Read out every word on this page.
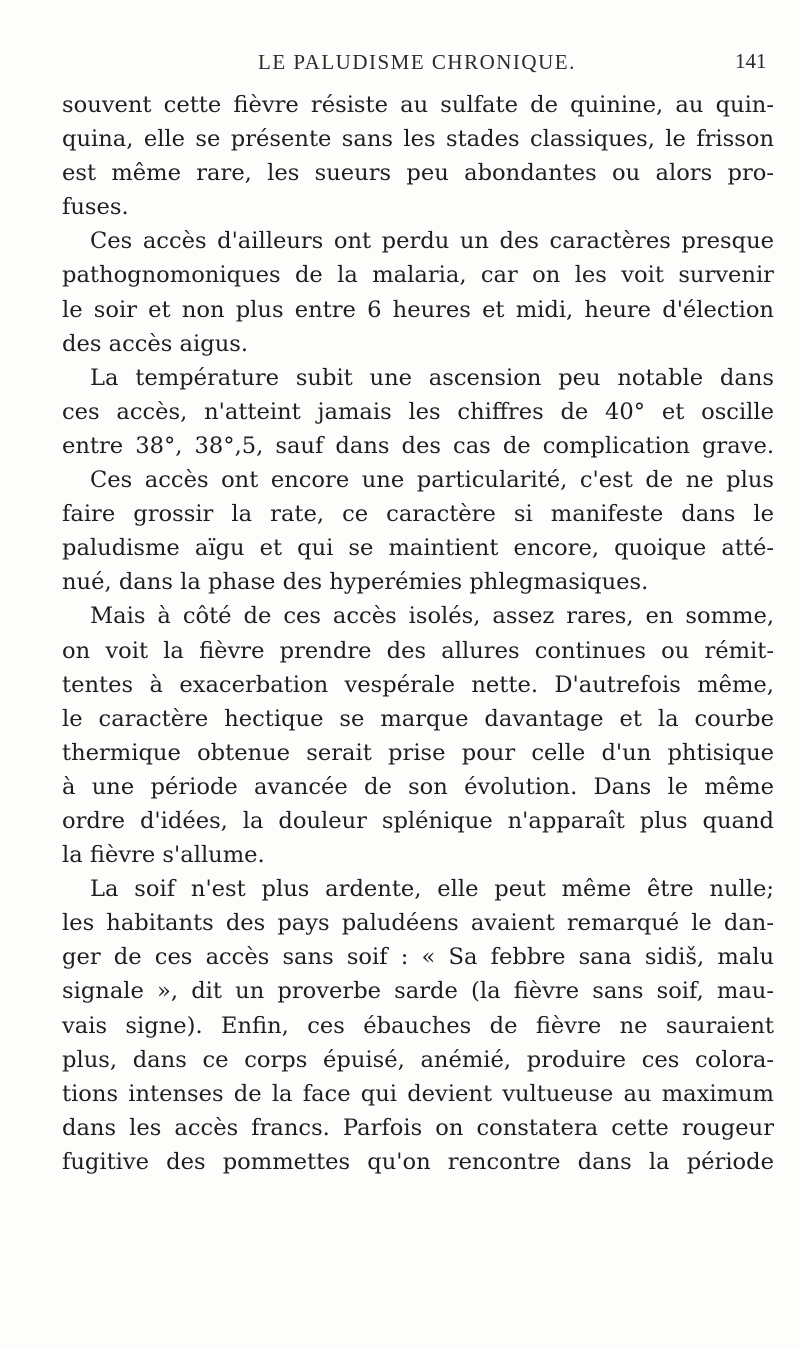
LE PALUDISME CHRONIQUE.	141
souvent cette fièvre résiste au sulfate de quinine, au quin-
quina, elle se présente sans les stades classiques, le frisson
est même rare, les sueurs peu abondantes ou alors pro-
fuses.
Ces accès d'ailleurs ont perdu un des caractères presque
pathognomoniques de la malaria, car on les voit survenir
le soir et non plus entre 6 heures et midi, heure d'élection
des accès aigus.
La température subit une ascension peu notable dans
ces accès, n'atteint jamais les chiffres de 40° et oscille
entre 38°, 38°,5, sauf dans des cas de complication grave.
Ces accès ont encore une particularité, c'est de ne plus
faire grossir la rate, ce caractère si manifeste dans le
paludisme aïgu et qui se maintient encore, quoique atté-
nué, dans la phase des hyperémies phlegmasiques.
Mais à côté de ces accès isolés, assez rares, en somme,
on voit la fièvre prendre des allures continues ou rémit-
tentes à exacerbation vespérale nette. D'autrefois même,
le caractère hectique se marque davantage et la courbe
thermique obtenue serait prise pour celle d'un phtisique
à une période avancée de son évolution. Dans le même
ordre d'idées, la douleur splénique n'apparaît plus quand
la fièvre s'allume.
La soif n'est plus ardente, elle peut même être nulle;
les habitants des pays paludéens avaient remarqué le dan-
ger de ces accès sans soif : « Sa febbre sana sidiš, malu
signale », dit un proverbe sarde (la fièvre sans soif, mau-
vais signe). Enfin, ces ébauches de fièvre ne sauraient
plus, dans ce corps épuisé, anémié, produire ces colora-
tions intenses de la face qui devient vultueuse au maximum
dans les accès francs. Parfois on constatera cette rougeur
fugitive des pommettes qu'on rencontre dans la période
